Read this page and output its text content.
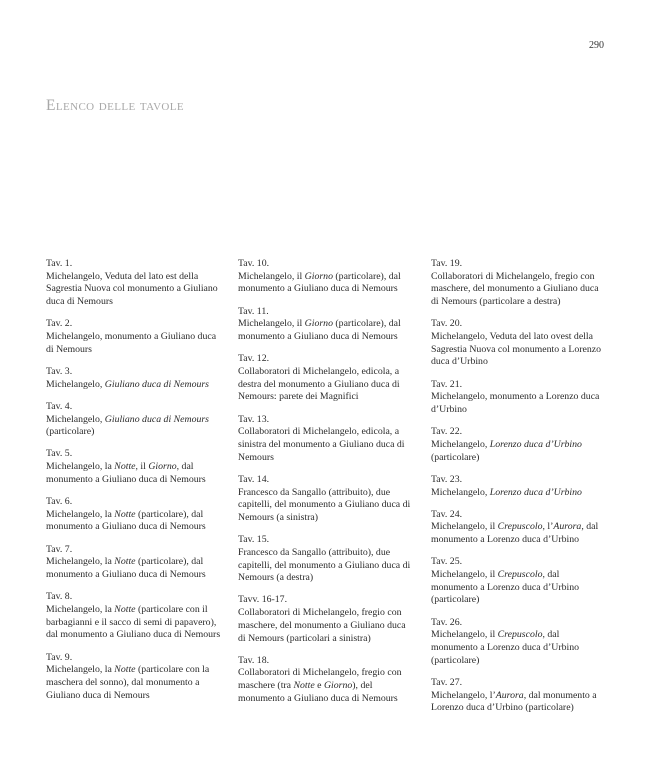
290
Elenco delle tavole
Tav. 1.
Michelangelo, Veduta del lato est della Sagrestia Nuova col monumento a Giuliano duca di Nemours
Tav. 2.
Michelangelo, monumento a Giuliano duca di Nemours
Tav. 3.
Michelangelo, Giuliano duca di Nemours
Tav. 4.
Michelangelo, Giuliano duca di Nemours (particolare)
Tav. 5.
Michelangelo, la Notte, il Giorno, dal monumento a Giuliano duca di Nemours
Tav. 6.
Michelangelo, la Notte (particolare), dal monumento a Giuliano duca di Nemours
Tav. 7.
Michelangelo, la Notte (particolare), dal monumento a Giuliano duca di Nemours
Tav. 8.
Michelangelo, la Notte (particolare con il barbagianni e il sacco di semi di papavero), dal monumento a Giuliano duca di Nemours
Tav. 9.
Michelangelo, la Notte (particolare con la maschera del sonno), dal monumento a Giuliano duca di Nemours
Tav. 10.
Michelangelo, il Giorno (particolare), dal monumento a Giuliano duca di Nemours
Tav. 11.
Michelangelo, il Giorno (particolare), dal monumento a Giuliano duca di Nemours
Tav. 12.
Collaboratori di Michelangelo, edicola, a destra del monumento a Giuliano duca di Nemours: parete dei Magnifici
Tav. 13.
Collaboratori di Michelangelo, edicola, a sinistra del monumento a Giuliano duca di Nemours
Tav. 14.
Francesco da Sangallo (attribuito), due capitelli, del monumento a Giuliano duca di Nemours (a sinistra)
Tav. 15.
Francesco da Sangallo (attribuito), due capitelli, del monumento a Giuliano duca di Nemours (a destra)
Tavv. 16-17.
Collaboratori di Michelangelo, fregio con maschere, del monumento a Giuliano duca di Nemours (particolari a sinistra)
Tav. 18.
Collaboratori di Michelangelo, fregio con maschere (tra Notte e Giorno), del monumento a Giuliano duca di Nemours
Tav. 19.
Collaboratori di Michelangelo, fregio con maschere, del monumento a Giuliano duca di Nemours (particolare a destra)
Tav. 20.
Michelangelo, Veduta del lato ovest della Sagrestia Nuova col monumento a Lorenzo duca d’Urbino
Tav. 21.
Michelangelo, monumento a Lorenzo duca d’Urbino
Tav. 22.
Michelangelo, Lorenzo duca d’Urbino (particolare)
Tav. 23.
Michelangelo, Lorenzo duca d’Urbino
Tav. 24.
Michelangelo, il Crepuscolo, l’Aurora, dal monumento a Lorenzo duca d’Urbino
Tav. 25.
Michelangelo, il Crepuscolo, dal monumento a Lorenzo duca d’Urbino (particolare)
Tav. 26.
Michelangelo, il Crepuscolo, dal monumento a Lorenzo duca d’Urbino (particolare)
Tav. 27.
Michelangelo, l’Aurora, dal monumento a Lorenzo duca d’Urbino (particolare)
